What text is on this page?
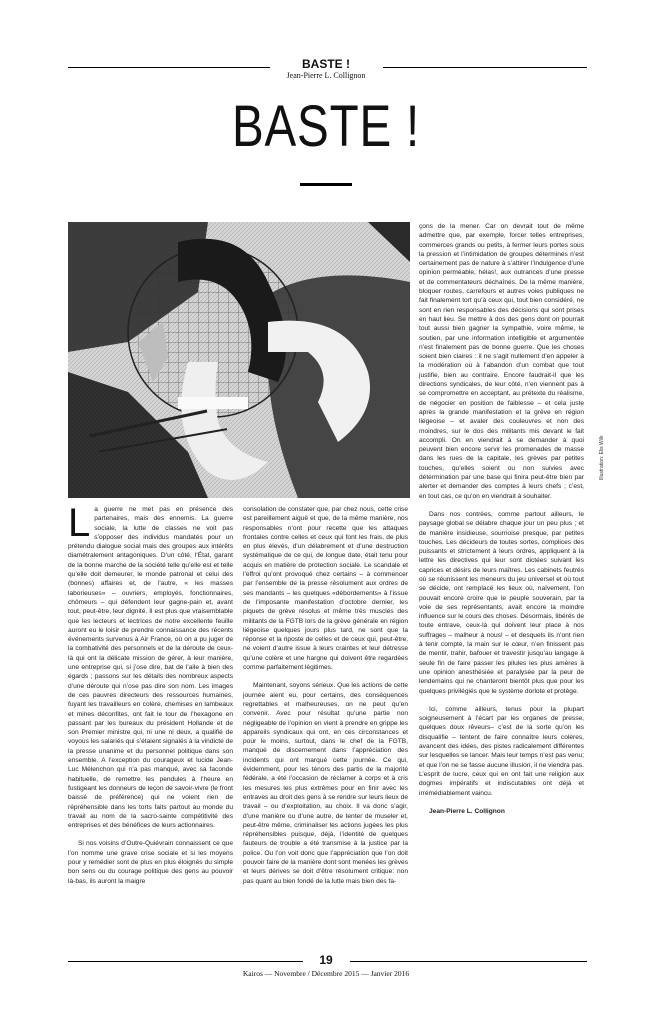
BASTE !
Jean-Pierre L. Collignon
BASTE !
Illustration: Elis Wilk

La guerre ne met pas en présence des partenaires, mais des ennemis. La guerre sociale, la lutte de classes ne voit pas s’opposer des individus mandatés pour un prétendu dialogue social mais des groupes aux intérêts diamétralement antagoniques. D’un côté, l’État, garant de la bonne marche de la société telle qu’elle est et telle qu’elle doit demeurer, le monde patronal et celui des (bonnes) affaires et, de l’autre, « les masses laborieuses» – ouvriers, employés, fonctionnaires, chômeurs – qui défendent leur gagne-pain et, avant tout, peut-être, leur dignité. Il est plus que vraisemblable que les lecteurs et lectrices de notre excellente feuille auront eu le loisir de prendre connaissance des récents événements survenus à Air France, où on a pu juger de la combativité des personnels et de la déroute de ceux-là qui ont la délicate mission de gérer, à leur manière, une entreprise qui, si j’ose dire, bat de l’aile à bien des égards ; passons sur les détails des nombreux aspects d’une déroute qui n’ose pas dire son nom. Les images de ces pauvres directeurs des ressources humaines, fuyant les travailleurs en colère, chemises en lambeaux et mines déconfites, ont fait le tour de l’hexagone en passant par les bureaux du président Hollande et de son Premier ministre qui, ni une ni deux, a qualifié de voyous les salariés qui s’étaient signalés à la vindicte de la presse unanime et du personnel politique dans son ensemble. A l’exception du courageux et lucide Jean-Luc Mélenchon qui n’a pas manqué, avec sa faconde habituelle, de remettre les pendules à l’heure en fustigeant les donneurs de leçon de savoir-vivre (le front baissé de préférence) qui ne voient rien de répréhensible dans les torts faits partout au monde du travail au nom de la sacro-sainte compétitivité des entreprises et des bénéfices de leurs actionnaires.

Si nos voisins d’Outre-Quiévrain connaissent ce que l’on nomme une grave crise sociale et si les moyens pour y remédier sont de plus en plus éloignés du simple bon sens ou du courage politique des gens au pouvoir là-bas, ils auront la maigre

consolation de constater que, par chez nous, cette crise est pareillement aiguë et que, de la même manière, nos responsables n’ont pour recette que les attaques frontales contre celles et ceux qui font les frais, de plus en plus élevés, d’un délabrement et d’une destruction systématique de ce qui, de longue date, était tenu pour acquis en matière de protection sociale. Le scandale et l’effroi qu’ont provoqué chez certains – à commencer par l’ensemble de la presse résolument aux ordres de ses mandants – les quelques «débordements» à l’issue de l’imposante manifestation d’octobre dernier, les piquets de grève résolus et même très musclés des militants de la FGTB lors de la grève générale en région liégeoise quelques jours plus tard, ne sont que la réponse et la riposte de celles et de ceux qui, peut-être, ne voient d’autre issue à leurs craintes et leur détresse qu’une colère et une hargne qui doivent être regardées comme parfaitement légitimes.

Maintenant, soyons sérieux. Que les actions de cette journée aient eu, pour certains, des conséquences regrettables et malheureuses, on ne peut qu’en convenir. Avec pour résultat qu’une partie non négligeable de l’opinion en vient à prendre en grippe les appareils syndicaux qui ont, en ces circonstances et pour le moins, surtout, dans le chef de la FGTB, manqué de discernement dans l’appréciation des incidents qui ont marqué cette journée. Ce qui, évidemment, pour les ténors des partis de la majorité fédérale, a été l’occasion de réclamer à corps et à cris les mesures les plus extrêmes pour en finir avec les entraves au droit des gens à se rendre sur leurs lieux de travail – ou d’exploitation, au choix. Il va donc s’agir, d’une manière ou d’une autre, de tenter de museler et, peut-être même, criminaliser les actions jugées les plus répréhensibles puisque, déjà, l’identité de quelques fauteurs de trouble a été transmise à la justice par la police. Ou l’on voit donc que l’appréciation que l’on doit pouvoir faire de la manière dont sont menées les grèves et leurs dérives se doit d’être résolument critique: non pas quant au bien fondé de la lutte mais bien des fa-

çons de la mener. Car on devrait tout de même admettre que, par exemple, forcer telles entreprises, commerces grands ou petits, à fermer leurs portes sous la pression et l’intimidation de groupes déterminés n’est certainement pas de nature à s’attirer l’indulgence d’une opinion perméable, hélas!, aux outrances d’une presse et de commentateurs déchaînés. De la même manière, bloquer routes, carrefours et autres voies publiques ne fait finalement tort qu’à ceux qui, tout bien considéré, ne sont en rien responsables des décisions qui sont prises en haut lieu. Se mettre à dos des gens dont on pourrait tout aussi bien gagner la sympathie, voire même, le soutien, par une information intelligible et argumentée n’est finalement pas de bonne guerre. Que les choses soient bien claires : il ne s’agit nullement d’en appeler à la modération ou à l’abandon d’un combat que tout justifie, bien au contraire. Encore faudrait-il que les directions syndicales, de leur côté, n’en viennent pas à se compromettre en acceptant, au prétexte du réalisme, de négocier en position de faiblesse – et cela juste après la grande manifestation et la grève en région liégeoise – et avaler des couleuvres et non des moindres, sur le dos des militants mis devant le fait accompli. On en viendrait à se demander à quoi peuvent bien encore servir les promenades de masse dans les rues de la capitale, les grèves par petites touches, qu’elles soient ou non suivies avec détermination par une base qui finira peut-être bien par alerter et demander des comptes à leurs chefs ; c’est, en tout cas, ce qu’on en viendrait à souhaiter.

Dans nos contrées, comme partout ailleurs, le paysage global se délabre chaque jour un peu plus ; et de manière insidieuse, sournoise presque, par petites touches. Les décideurs de toutes sortes, complices des puissants et strictement à leurs ordres, appliquent à la lettre les directives qui leur sont dictées suivant les caprices et désirs de leurs maîtres. Les cabinets feutrés où se réunissent les meneurs du jeu universel et où tout se décide, ont remplacé les lieux où, naïvement, l’on pouvait encore croire que le peuple souverain, par la voie de ses représentants, avait encore la moindre influence sur le cours des choses. Désormais, libérés de toute entrave, ceux-là qui doivent leur place à nos suffrages – malheur à nous! – et desquels ils n’ont rien à tenir compte, la main sur le cœur, n’en finissent pas de mentir, trahir, bafouer et travestir jusqu’au langage à seule fin de faire passer les pilules les plus amères à une opinion anesthésiée et paralysée par la peur de lendemains qui ne chanteront bientôt plus que pour les quelques privilégiés que le système dorlote et protège.

Ici, comme ailleurs, tenus pour la plupart soigneusement à l’écart par les organes de presse, quelques doux rêveurs– c’est de la sorte qu’on les disqualifie – tentent de faire connaître leurs colères, avancent des idées, des pistes radicalement différentes sur lesquelles se lancer. Mais leur temps n’est pas venu; et que l’on ne se fasse aucune illusion, il ne viendra pas. L’esprit de lucre, ceux qui en ont fait une religion aux dogmes impératifs et indiscutables ont déjà et irrémédiablement vaincu.

Jean-Pierre L. Collignon

19
Kairos — Novembre / Décembre 2015 — Janvier 2016
